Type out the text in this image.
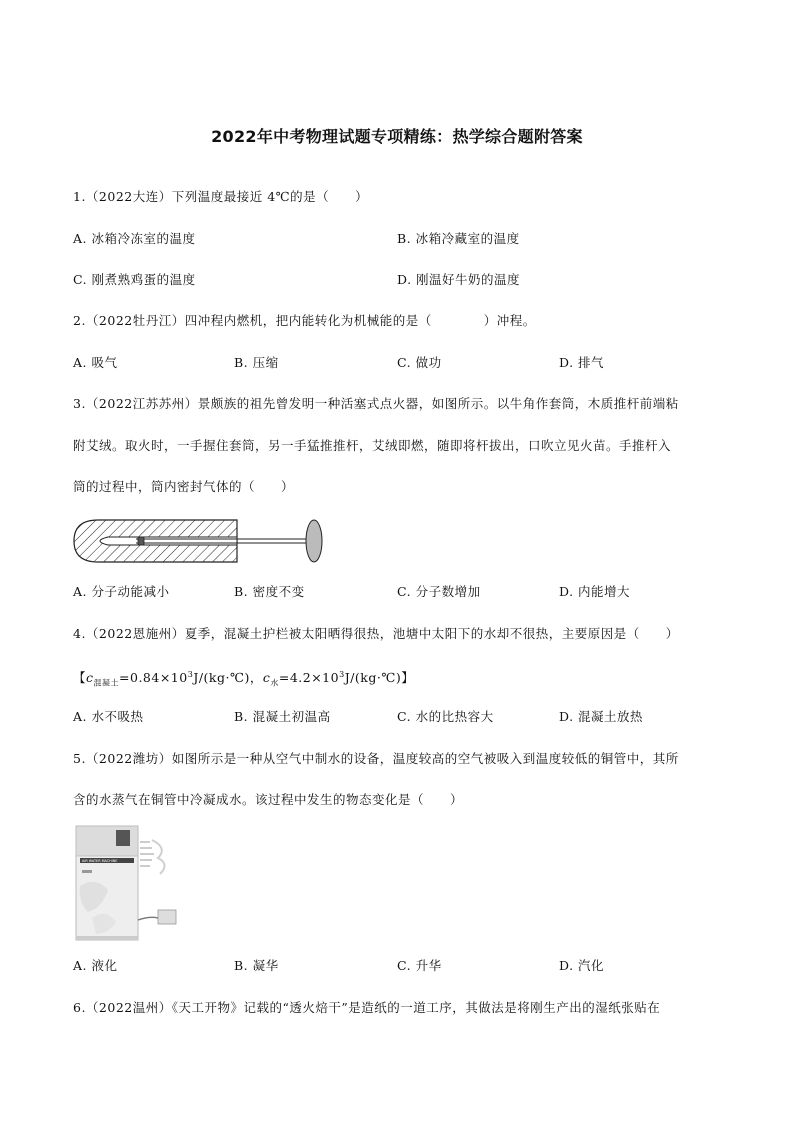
2022年中考物理试题专项精练：热学综合题附答案
1.（2022大连）下列温度最接近 4℃的是（　　）
A. 冰箱冷冻室的温度	B. 冰箱冷藏室的温度
C. 刚煮熟鸡蛋的温度	D. 刚温好牛奶的温度
2.（2022牡丹江）四冲程内燃机，把内能转化为机械能的是（　　　　）冲程。
A. 吸气	B. 压缩	C. 做功	D. 排气
3.（2022江苏苏州）景颇族的祖先曾发明一种活塞式点火器，如图所示。以牛角作套筒，木质推杆前端粘
附艾绒。取火时，一手握住套筒，另一手猛推推杆，艾绒即燃，随即将杆拔出，口吹立见火苗。手推杆入
筒的过程中，筒内密封气体的（　　）
A. 分子动能减小	B. 密度不变	C. 分子数增加	D. 内能增大
4.（2022恩施州）夏季，混凝土护栏被太阳晒得很热，池塘中太阳下的水却不很热，主要原因是（　　）
【$c_{混凝土}=0.84\times 10^3J/(kg\cdot℃)$，$c_水=4.2\times 10^3J/(kg\cdot℃)$】
A. 水不吸热	B. 混凝土初温高	C. 水的比热容大	D. 混凝土放热
5.（2022潍坊）如图所示是一种从空气中制水的设备，温度较高的空气被吸入到温度较低的铜管中，其所
含的水蒸气在铜管中冷凝成水。该过程中发生的物态变化是（　　）
AIR WATER MACHINE
A. 液化	B. 凝华	C. 升华	D. 汽化
6.（2022温州）《天工开物》记载的“透火焙干”是造纸的一道工序，其做法是将刚生产出的湿纸张贴在
